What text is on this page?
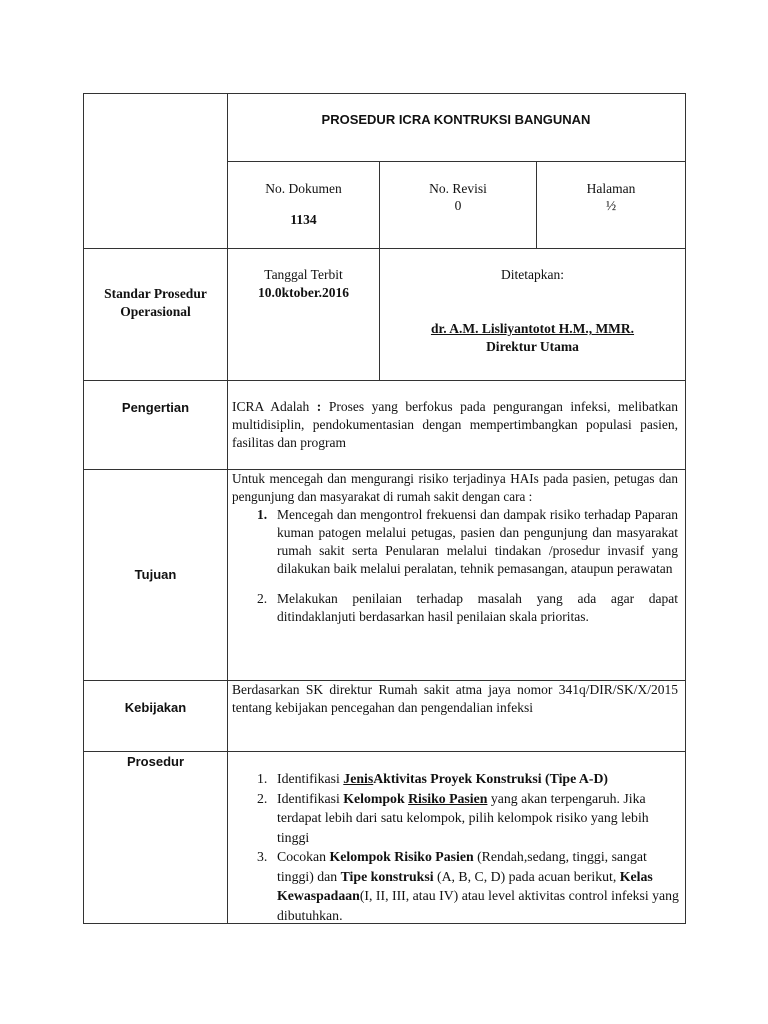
PROSEDUR ICRA KONTRUKSI BANGUNAN
No. Dokumen
1134
No. Revisi
0
Halaman
½
Standar Prosedur
Operasional
Tanggal Terbit
10.0ktober.2016
Ditetapkan:
dr. A.M. Lisliyantotot H.M., MMR.
Direktur Utama
Pengertian	ICRA Adalah : Proses yang berfokus pada pengurangan infeksi, melibatkan multidisiplin, pendokumentasian dengan mempertimbangkan populasi pasien, fasilitas dan program
Tujuan
Untuk mencegah dan mengurangi risiko terjadinya HAIs pada pasien, petugas dan pengunjung dan masyarakat di rumah sakit dengan cara :
1. Mencegah dan mengontrol frekuensi dan dampak risiko terhadap Paparan kuman patogen melalui petugas, pasien dan pengunjung dan masyarakat rumah sakit serta Penularan melalui tindakan /prosedur invasif yang dilakukan baik melalui peralatan, tehnik pemasangan, ataupun perawatan
2. Melakukan penilaian terhadap masalah yang ada agar dapat ditindaklanjuti berdasarkan hasil penilaian skala prioritas.
Kebijakan
Berdasarkan SK direktur Rumah sakit atma jaya nomor 341q/DIR/SK/X/2015 tentang kebijakan pencegahan dan pengendalian infeksi
Prosedur
1. Identifikasi JenisAktivitas Proyek Konstruksi (Tipe A-D)
2. Identifikasi Kelompok Risiko Pasien yang akan terpengaruh. Jika terdapat lebih dari satu kelompok, pilih kelompok risiko yang lebih tinggi
3. Cocokan Kelompok Risiko Pasien (Rendah,sedang, tinggi, sangat tinggi) dan Tipe konstruksi (A, B, C, D) pada acuan berikut, Kelas Kewaspadaan(I, II, III, atau IV) atau level aktivitas control infeksi yang dibutuhkan.
